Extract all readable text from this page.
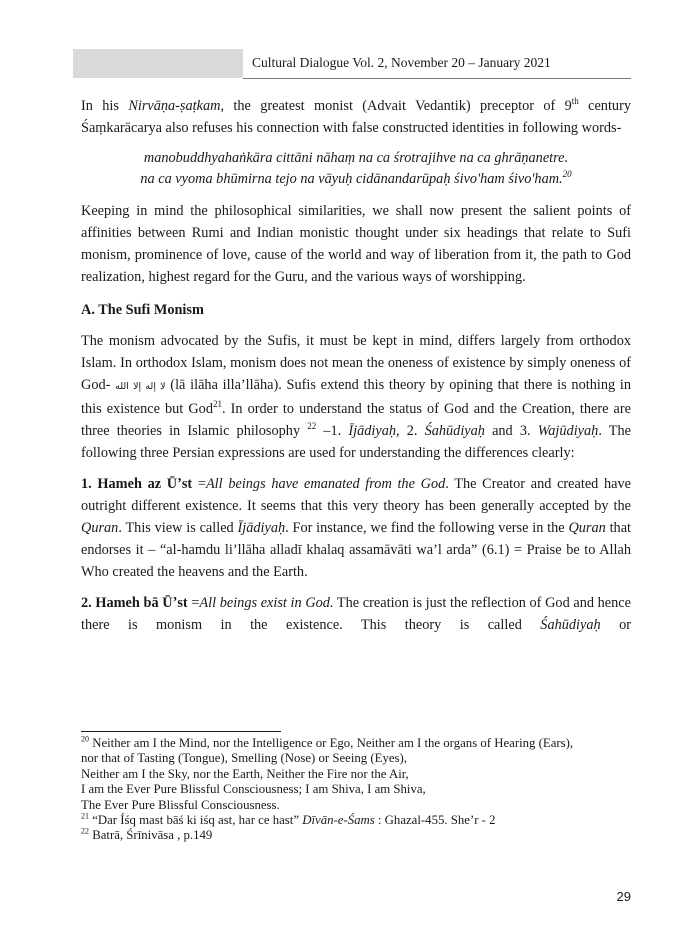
Cultural Dialogue Vol. 2, November 20 – January 2021

In his Nirvāṇa-ṣaṭkam, the greatest monist (Advait Vedantik) preceptor of 9th century Śaṃkarācarya also refuses his connection with false constructed identities in following words-

manobuddhyahaṅkāra cittāni nāhaṃ na ca śrotrajihve na ca ghrāṇanetre.
na ca vyoma bhūmirna tejo na vāyuḥ cidānandarūpaḥ śivo'ham śivo'ham.$^{20}$

Keeping in mind the philosophical similarities, we shall now present the salient points of affinities between Rumi and Indian monistic thought under six headings that relate to Sufi monism, prominence of love, cause of the world and way of liberation from it, the path to God realization, highest regard for the Guru, and the various ways of worshipping.

A. The Sufi Monism

The monism advocated by the Sufis, it must be kept in mind, differs largely from orthodox Islam. In orthodox Islam, monism does not mean the oneness of existence by simply oneness of God- لا إله إلا الله (lā ilāha illa’llāha). Sufis extend this theory by opining that there is nothing in this existence but God$^{21}$. In order to understand the status of God and the Creation, there are three theories in Islamic philosophy $^{22}$ –1. Ījādiyaḥ, 2. Śahūdiyaḥ and 3. Wajūdiyaḥ. The following three Persian expressions are used for understanding the differences clearly:

1. Hameh az Ūʼst =All beings have emanated from the God. The Creator and created have outright different existence. It seems that this very theory has been generally accepted by the Quran. This view is called Ījādiyaḥ. For instance, we find the following verse in the Quran that endorses it – “al-hamdu li’llāha alladī khalaq assamāvāti wa’l arda” (6.1) = Praise be to Allah Who created the heavens and the Earth.

2. Hameh bā Ūʼst =All beings exist in God. The creation is just the reflection of God and hence there is monism in the existence. This theory is called Śahūdiyaḥ or

$^{20}$ Neither am I the Mind, nor the Intelligence or Ego, Neither am I the organs of Hearing (Ears),
nor that of Tasting (Tongue), Smelling (Nose) or Seeing (Eyes),
Neither am I the Sky, nor the Earth, Neither the Fire nor the Air,
I am the Ever Pure Blissful Consciousness; I am Shiva, I am Shiva,
The Ever Pure Blissful Consciousness.
$^{21}$ “Dar Íśq mast bāś ki iśq ast, har ce hast” Dīvān-e-Śams : Ghazal-455. She’r - 2
$^{22}$ Batrā, Śrīnivāsa , p.149
29
